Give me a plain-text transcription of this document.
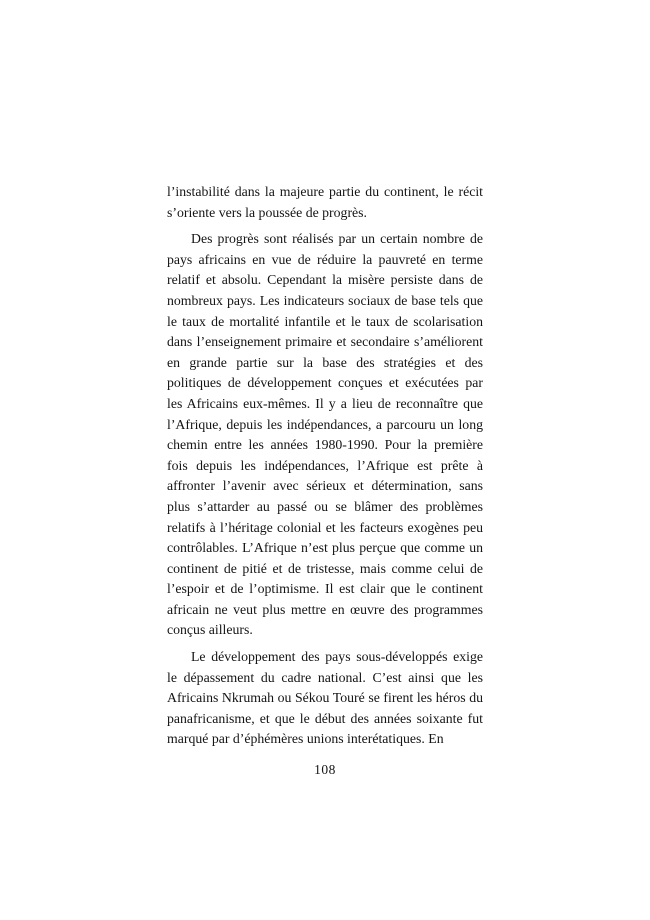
l’instabilité dans la majeure partie du continent, le récit s’oriente vers la poussée de progrès.

Des progrès sont réalisés par un certain nombre de pays africains en vue de réduire la pauvreté en terme relatif et absolu. Cependant la misère persiste dans de nombreux pays. Les indicateurs sociaux de base tels que le taux de mortalité infantile et le taux de scolarisation dans l’enseignement primaire et secondaire s’améliorent en grande partie sur la base des stratégies et des politiques de développement conçues et exécutées par les Africains eux-mêmes. Il y a lieu de reconnaître que l’Afrique, depuis les indépendances, a parcouru un long chemin entre les années 1980-1990. Pour la première fois depuis les indépendances, l’Afrique est prête à affronter l’avenir avec sérieux et détermination, sans plus s’attarder au passé ou se blâmer des problèmes relatifs à l’héritage colonial et les facteurs exogènes peu contrôlables. L’Afrique n’est plus perçue que comme un continent de pitié et de tristesse, mais comme celui de l’espoir et de l’optimisme. Il est clair que le continent africain ne veut plus mettre en œuvre des programmes conçus ailleurs.

Le développement des pays sous-développés exige le dépassement du cadre national. C’est ainsi que les Africains Nkrumah ou Sékou Touré se firent les héros du panafricanisme, et que le début des années soixante fut marqué par d’éphémères unions interétatiques. En

108
